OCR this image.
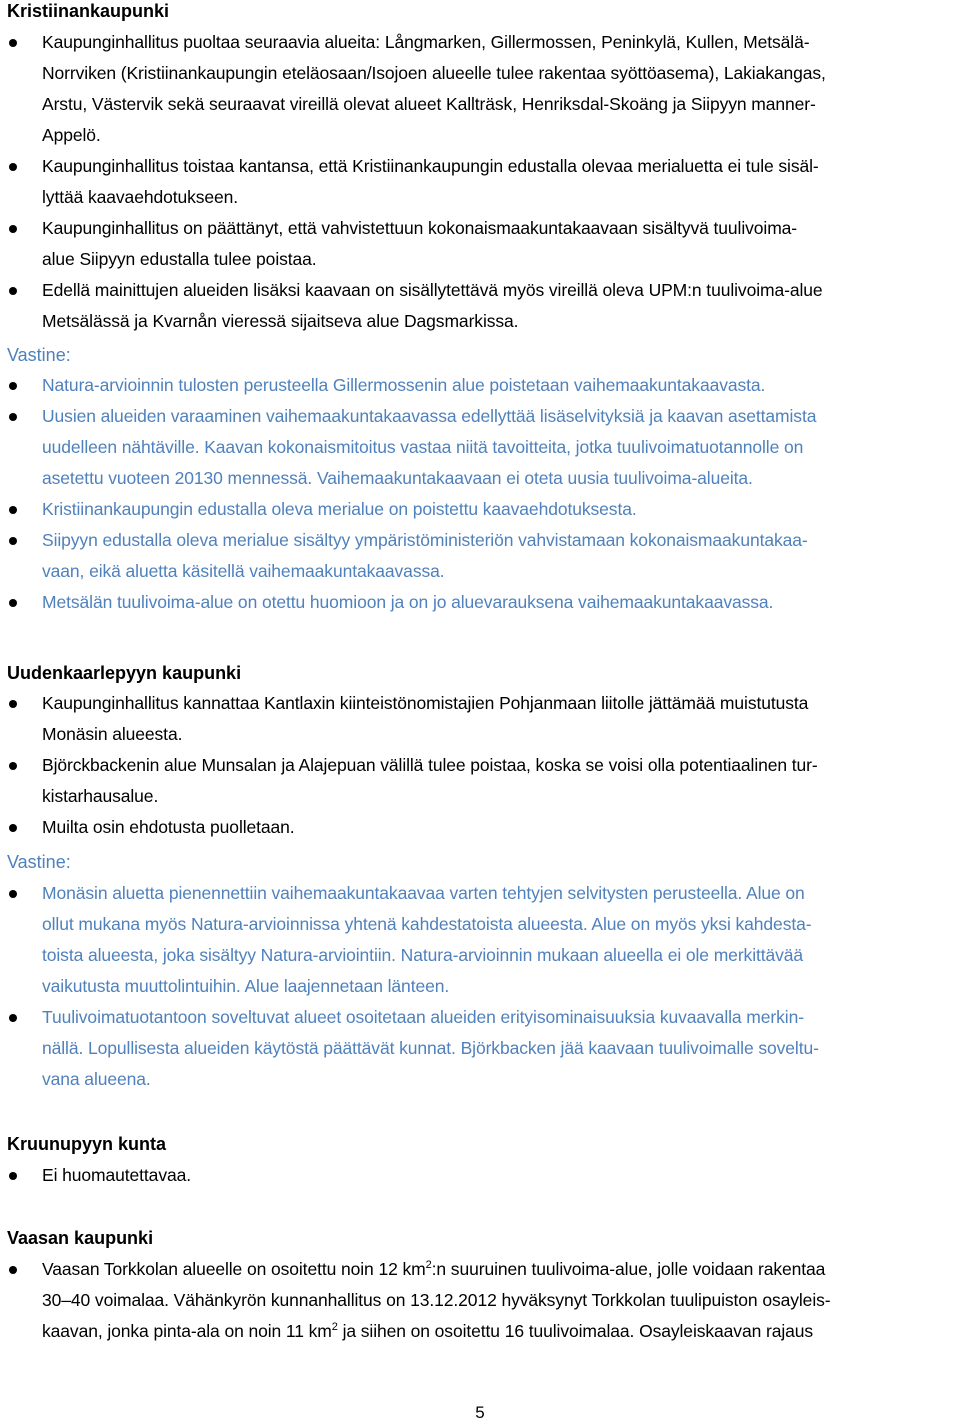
Kristiinankaupunki
Kaupunginhallitus puoltaa seuraavia alueita: Långmarken, Gillermossen, Peninkylä, Kullen, Metsälä-
Norrviken (Kristiinankaupungin eteläosaan/Isojoen alueelle tulee rakentaa syöttöasema), Lakiakangas,
Arstu, Västervik sekä seuraavat vireillä olevat alueet Kallträsk, Henriksdal-Skoäng ja Siipyyn manner-
Appelö.
Kaupunginhallitus toistaa kantansa, että Kristiinankaupungin edustalla olevaa merialuetta ei tule sisäl-
lyttää kaavaehdotukseen.
Kaupunginhallitus on päättänyt, että vahvistettuun kokonaismaakuntakaavaan sisältyvä tuulivoima-
alue Siipyyn edustalla tulee poistaa.
Edellä mainittujen alueiden lisäksi kaavaan on sisällytettävä myös vireillä oleva UPM:n tuulivoima-alue
Metsälässä ja Kvarnån vieressä sijaitseva alue Dagsmarkissa.
Vastine:
Natura-arvioinnin tulosten perusteella Gillermossenin alue poistetaan vaihemaakuntakaavasta.
Uusien alueiden varaaminen vaihemaakuntakaavassa edellyttää lisäselvityksiä ja kaavan asettamista
uudelleen nähtäville. Kaavan kokonaismitoitus vastaa niitä tavoitteita, jotka tuulivoimatuotannolle on
asetettu vuoteen 20130 mennessä. Vaihemaakuntakaavaan ei oteta uusia tuulivoima-alueita.
Kristiinankaupungin edustalla oleva merialue on poistettu kaavaehdotuksesta.
Siipyyn edustalla oleva merialue sisältyy ympäristöministeriön vahvistamaan kokonaismaakuntakaa-
vaan, eikä aluetta käsitellä vaihemaakuntakaavassa.
Metsälän tuulivoima-alue on otettu huomioon ja on jo aluevarauksena vaihemaakuntakaavassa.
Uudenkaarlepyyn kaupunki
Kaupunginhallitus kannattaa Kantlaxin kiinteistönomistajien Pohjanmaan liitolle jättämää muistutusta
Monäsin alueesta.
Björckbackenin alue Munsalan ja Alajepuan välillä tulee poistaa, koska se voisi olla potentiaalinen tur-
kistarhausalue.
Muilta osin ehdotusta puolletaan.
Vastine:
Monäsin aluetta pienennettiin vaihemaakuntakaavaa varten tehtyjen selvitysten perusteella. Alue on
ollut mukana myös Natura-arvioinnissa yhtenä kahdestatoista alueesta. Alue on myös yksi kahdesta-
toista alueesta, joka sisältyy Natura-arviointiin. Natura-arvioinnin mukaan alueella ei ole merkittävää
vaikutusta muuttolintuihin. Alue laajennetaan länteen.
Tuulivoimatuotantoon soveltuvat alueet osoitetaan alueiden erityisominaisuuksia kuvaavalla merkin-
nällä. Lopullisesta alueiden käytöstä päättävät kunnat. Björkbacken jää kaavaan tuulivoimalle soveltu-
vana alueena.
Kruunupyyn kunta
Ei huomautettavaa.
Vaasan kaupunki
Vaasan Torkkolan alueelle on osoitettu noin 12 $km^2:n$ suuruinen tuulivoima-alue, jolle voidaan rakentaa
30–40 voimalaa. Vähänkyrön kunnanhallitus on 13.12.2012 hyväksynyt Torkkolan tuulipuiston osayleis-
kaavan, jonka pinta-ala on noin 11 $km^2$ ja siihen on osoitettu 16 tuulivoimalaa. Osayleiskaavan rajaus
5
